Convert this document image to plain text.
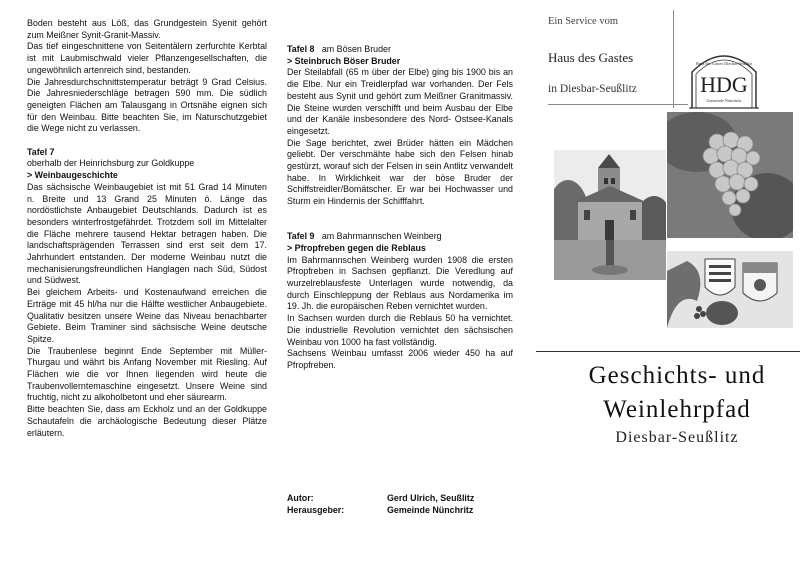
Boden besteht aus Löß, das Grundgestein Syenit gehört zum Meißner Synit-Granit-Massiv.

Das tief eingeschnittene von Seitentälern zerfurchte Kerbtal ist mit Laubmischwald vieler Pflanzengesellschaften, die ungewöhnlich artenreich sind, bestanden.

Die Jahresdurchschnittstemperatur beträgt 9 Grad Celsius. Die Jahresniederschläge betragen 590 mm. Die südlich geneigten Flächen am Talausgang in Ortsnähe eignen sich für den Weinbau. Bitte beachten Sie, im Naturschutzgebiet die Wege nicht zu verlassen.

Tafel 7

oberhalb der Heinrichsburg zur Goldkuppe

> Weinbaugeschichte

Das sächsische Weinbaugebiet ist mit 51 Grad 14 Minuten n. Breite und 13 Grand 25 Minuten ö. Länge das nordöstlichste Anbaugebiet Deutschlands. Dadurch ist es besonders winterfrostgefährdet. Trotzdem soll im Mittelalter die Fläche mehrere tausend Hektar betragen haben. Die landschaftsprägenden Terrassen sind erst seit dem 17. Jahrhundert entstanden. Der moderne Weinbau nutzt die mechanisierungsfreundlichen Hanglagen nach Süd, Südost und Südwest.

Bei gleichem Arbeits- und Kostenaufwand erreichen die Erträge mit 45 hl/ha nur die Hälfte westlicher Anbaugebiete. Qualitativ besitzen unsere Weine das Niveau benachbarter Gebiete. Beim Traminer sind sächsische Weine deutsche Spitze.

Die Traubenlese beginnt Ende September mit Müller-Thurgau und währt bis Anfang November mit Riesling. Auf Flächen wie die vor Ihnen liegenden wird heute die Traubenvollerntemaschine eingesetzt. Unsere Weine sind fruchtig, nicht zu alkoholbetont und eher säurearm.

Bitte beachten Sie, dass am Eckholz und an der Goldkuppe Schautafeln die archäologische Bedeutung dieser Plätze erläutern.

Tafel 8 am Bösen Bruder

> Steinbruch Böser Bruder

Der Steilabfall (65 m über der Elbe) ging bis 1900 bis an die Elbe. Nur ein Treidlerpfad war vorhanden. Der Fels besteht aus Synit und gehört zum Meißner Granitmassiv. Die Steine wurden verschifft und beim Ausbau der Elbe und der Kanäle insbesondere des Nord- Ostsee-Kanals eingesetzt.

Die Sage berichtet, zwei Brüder hätten ein Mädchen geliebt. Der verschmähte habe sich den Felsen hinab gestürzt, worauf sich der Felsen in sein Antlitz verwandelt habe. In Wirklichkeit war der böse Bruder der Schiffstreidler/Bomätscher. Er war bei Hochwasser und Sturm ein Hindernis der Schifffahrt.

Tafel 9 am Bahrmannschen Weinberg

> Pfropfreben gegen die Reblaus

Im Bahrmannschen Weinberg wurden 1908 die ersten Pfropfreben in Sachsen gepflanzt. Die Veredlung auf wurzelreblausfeste Unterlagen wurde notwendig, da durch Einschleppung der Reblaus aus Nordamerika im 19. Jh. die europäischen Reben vernichtet wurden.

In Sachsen wurden durch die Reblaus 50 ha vernichtet. Die industrielle Revolution vernichtet den sächsischen Weinbau von 1000 ha fast vollständig.

Sachsens Weinbau umfasst 2006 wieder 450 ha auf Pfropfreben.

Autor:	Gerd Ulrich, Seußlitz
Herausgeber:	Gemeinde Nünchritz
Ein Service vom
Haus des Gastes
in Diesbar-Seußlitz
Haus des Gastes Diesbar-Seußlitz
HDG
Gemeinde Nünchritz
Geschichts- und
Weinlehrpfad
Diesbar-Seußlitz
